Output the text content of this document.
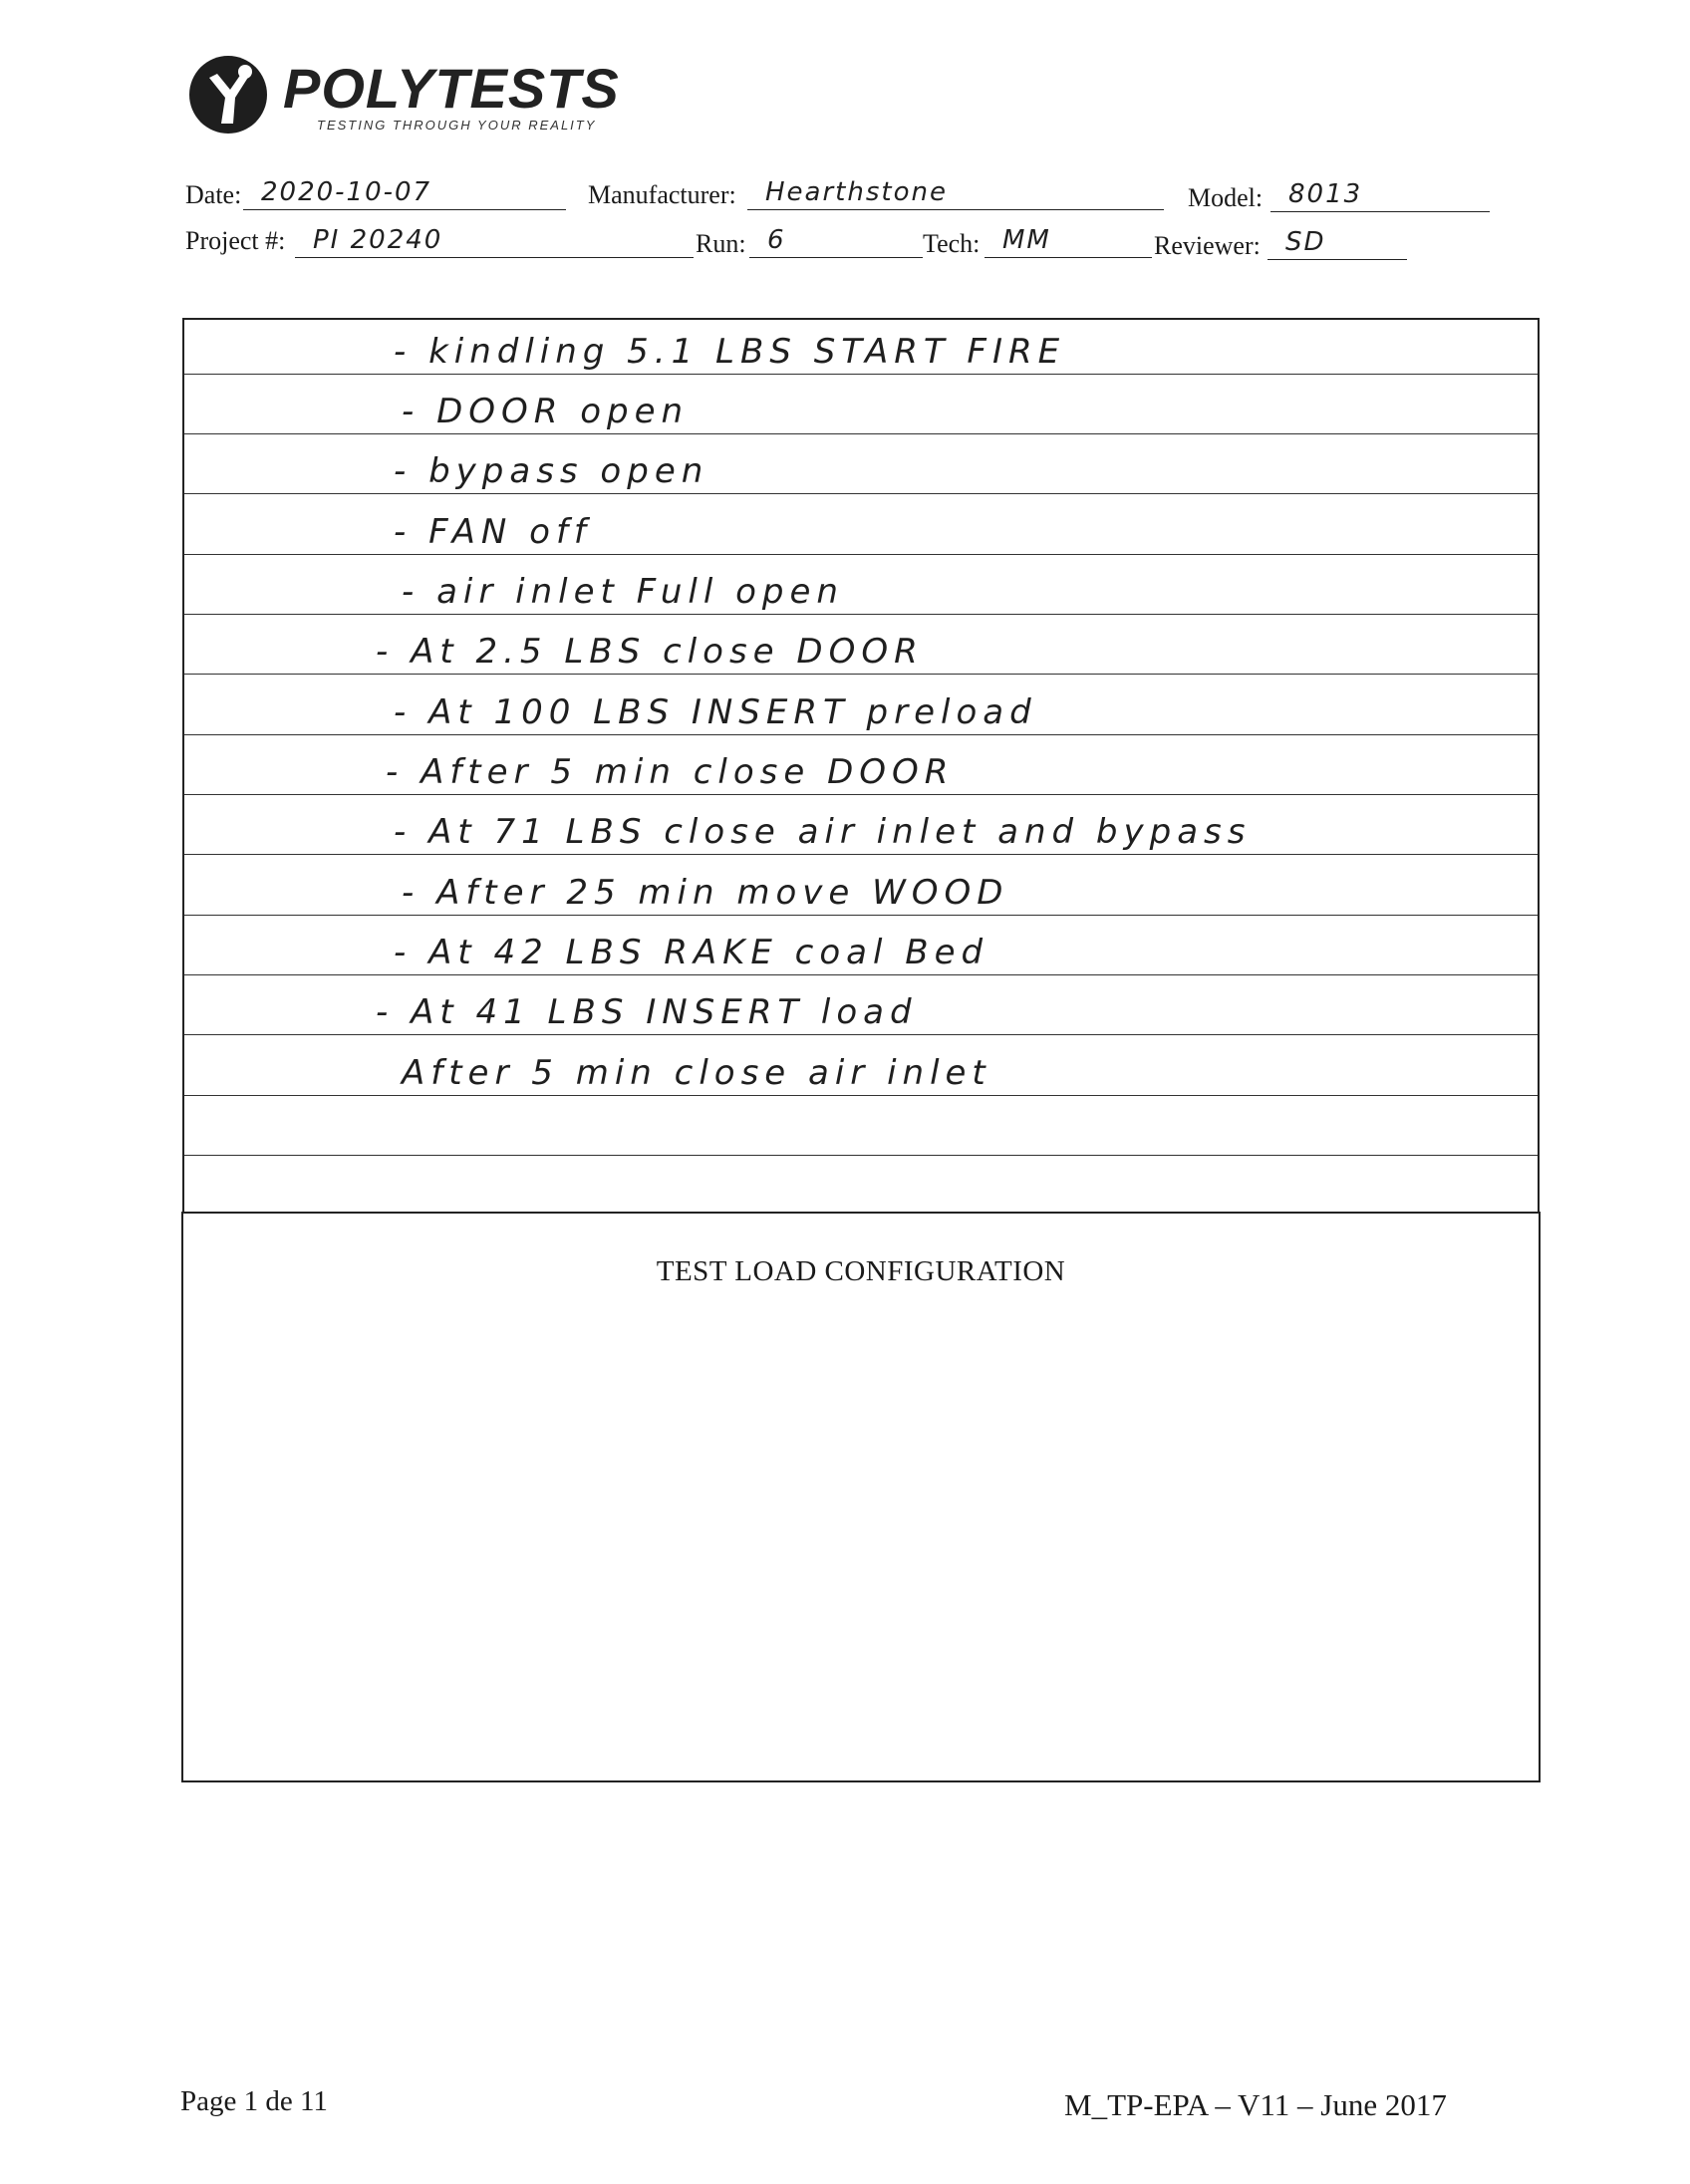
POLYTESTS
TESTING THROUGH YOUR REALITY
Date: 2020-10-07	Manufacturer: Hearthstone	Model: 8013
Project #: PI 20240	Run: 6	Tech: MM	Reviewer: SD
- kindling 5.1 LBS START FIRE
- DOOR open
- bypass open
- FAN off
- air inlet Full open
- At 2.5 LBS close DOOR
- At 100 LBS INSERT preload
- After 5 min close DOOR
- At 71 LBS close air inlet and bypass
- After 25 min move WOOD
- At 42 LBS RAKE coal Bed
- At 41 LBS INSERT load
After 5 min close air inlet
TEST LOAD CONFIGURATION
Page 1 de 11	M_TP-EPA – V11 – June 2017
